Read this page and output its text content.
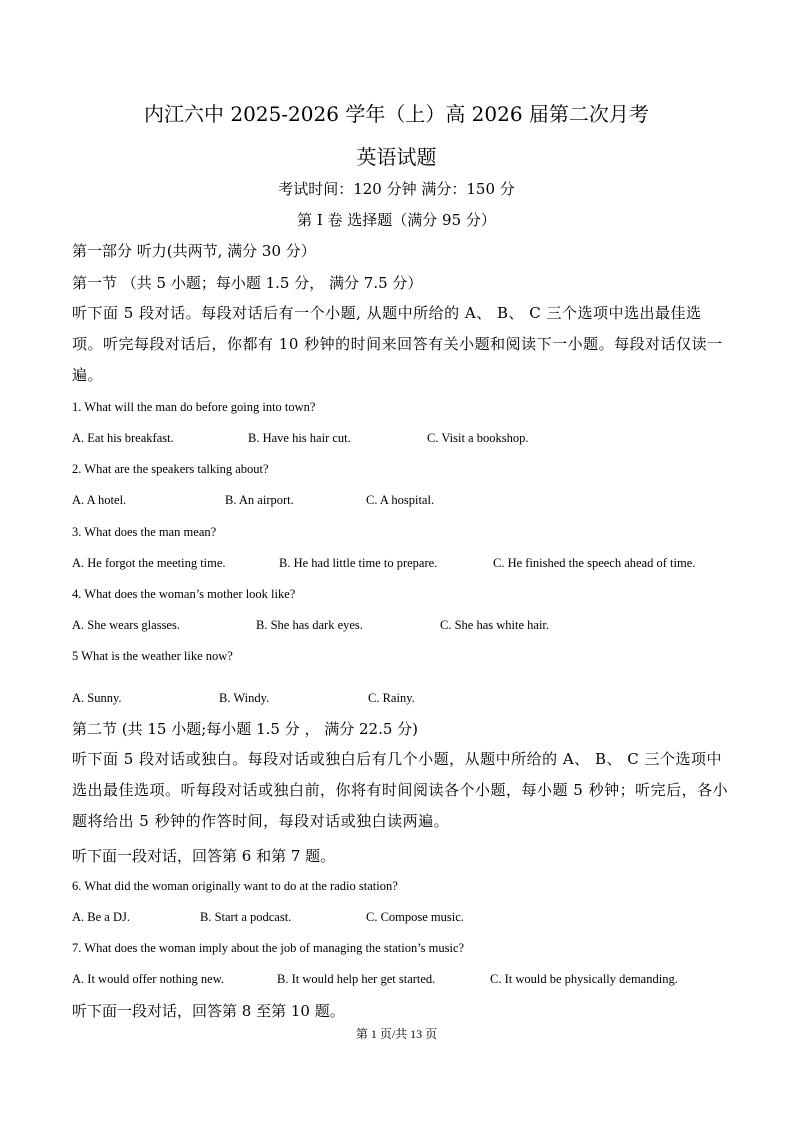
内江六中 2025-2026 学年（上）高 2026 届第二次月考
英语试题
考试时间：120 分钟 满分：150 分
第 I 卷 选择题（满分 95 分）
第一部分 听力(共两节, 满分 30 分）
第一节 （共 5 小题；每小题 1.5 分， 满分 7.5 分）
听下面 5 段对话。每段对话后有一个小题, 从题中所给的 A、 B、 C 三个选项中选出最佳选项。听完每段对话后，你都有 10 秒钟的时间来回答有关小题和阅读下一小题。每段对话仅读一遍。
1. What will the man do before going into town?
A. Eat his breakfast.	B. Have his hair cut.	C. Visit a bookshop.
2. What are the speakers talking about?
A. A hotel.	B. An airport.	C. A hospital.
3. What does the man mean?
A. He forgot the meeting time.	B. He had little time to prepare.	C. He finished the speech ahead of time.
4. What does the woman’s mother look like?
A. She wears glasses.	B. She has dark eyes.	C. She has white hair.
5 What is the weather like now?
A. Sunny.	B. Windy.	C. Rainy.
第二节 (共 15 小题;每小题 1.5 分 ， 满分 22.5 分)
听下面 5 段对话或独白。每段对话或独白后有几个小题，从题中所给的 A、 B、 C 三个选项中选出最佳选项。听每段对话或独白前，你将有时间阅读各个小题，每小题 5 秒钟；听完后，各小题将给出 5 秒钟的作答时间，每段对话或独白读两遍。
听下面一段对话，回答第 6 和第 7 题。
6. What did the woman originally want to do at the radio station?
A. Be a DJ.	B. Start a podcast.	C. Compose music.
7. What does the woman imply about the job of managing the station’s music?
A. It would offer nothing new.	B. It would help her get started.	C. It would be physically demanding.
听下面一段对话，回答第 8 至第 10 题。
第 1 页/共 13 页
